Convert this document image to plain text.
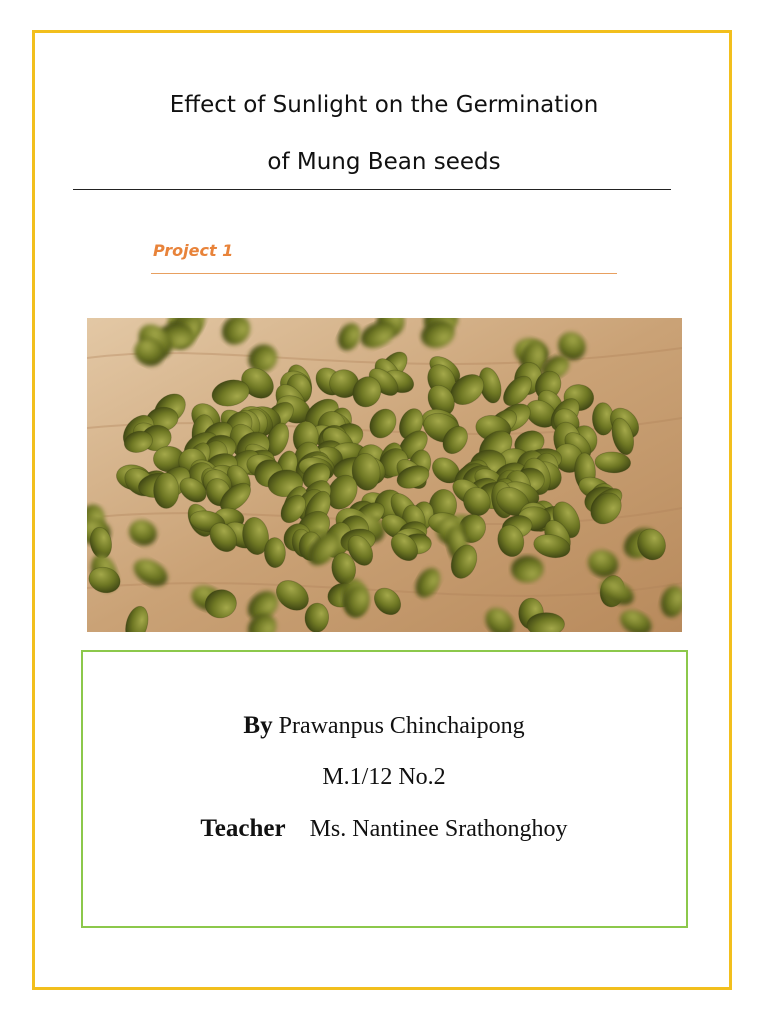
Effect of Sunlight on the Germination
of Mung Bean seeds
Project 1
By Prawanpus Chinchaipong
M.1/12 No.2
Teacher Ms. Nantinee Srathonghoy
